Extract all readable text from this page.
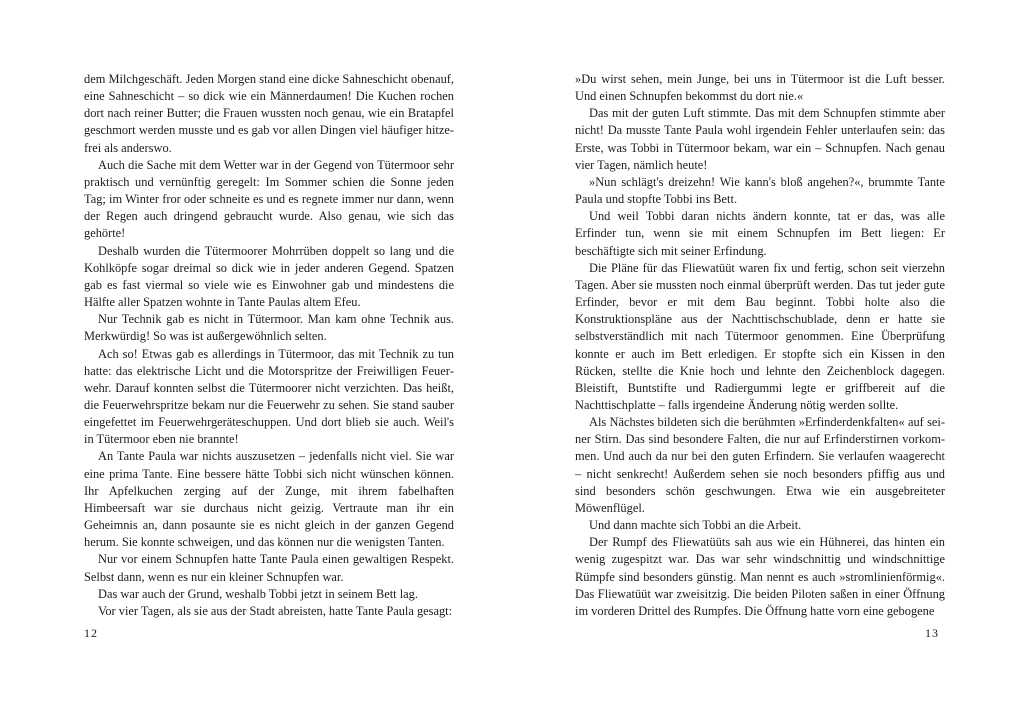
dem Milchgeschäft. Jeden Morgen stand eine dicke Sahneschicht obenauf, eine Sahneschicht – so dick wie ein Männerdaumen! Die Kuchen rochen dort nach reiner Butter; die Frauen wussten noch genau, wie ein Bratapfel geschmort werden musste und es gab vor allen Dingen viel häufiger hitzefrei als anderswo.

Auch die Sache mit dem Wetter war in der Gegend von Tütermoor sehr praktisch und vernünftig geregelt: Im Sommer schien die Sonne jeden Tag; im Winter fror oder schneite es und es regnete immer nur dann, wenn der Regen auch dringend gebraucht wurde. Also genau, wie sich das gehörte!

Deshalb wurden die Tütermoorer Mohrrüben doppelt so lang und die Kohlköpfe sogar dreimal so dick wie in jeder anderen Gegend. Spatzen gab es fast viermal so viele wie es Einwohner gab und mindestens die Hälfte aller Spatzen wohnte in Tante Paulas altem Efeu.

Nur Technik gab es nicht in Tütermoor. Man kam ohne Technik aus. Merkwürdig! So was ist außergewöhnlich selten.

Ach so! Etwas gab es allerdings in Tütermoor, das mit Technik zu tun hatte: das elektrische Licht und die Motorspritze der Freiwilligen Feuerwehr. Darauf konnten selbst die Tütermoorer nicht verzichten. Das heißt, die Feuerwehrspritze bekam nur die Feuerwehr zu sehen. Sie stand sauber eingefettet im Feuerwehrgeräteschuppen. Und dort blieb sie auch. Weil's in Tütermoor eben nie brannte!

An Tante Paula war nichts auszusetzen – jedenfalls nicht viel. Sie war eine prima Tante. Eine bessere hätte Tobbi sich nicht wünschen können. Ihr Apfelkuchen zerging auf der Zunge, mit ihrem fabelhaften Himbeersaft war sie durchaus nicht geizig. Vertraute man ihr ein Geheimnis an, dann posaunte sie es nicht gleich in der ganzen Gegend herum. Sie konnte schweigen, und das können nur die wenigsten Tanten.

Nur vor einem Schnupfen hatte Tante Paula einen gewaltigen Respekt. Selbst dann, wenn es nur ein kleiner Schnupfen war.

Das war auch der Grund, weshalb Tobbi jetzt in seinem Bett lag.

Vor vier Tagen, als sie aus der Stadt abreisten, hatte Tante Paula gesagt:

12

»Du wirst sehen, mein Junge, bei uns in Tütermoor ist die Luft besser. Und einen Schnupfen bekommst du dort nie.«

Das mit der guten Luft stimmte. Das mit dem Schnupfen stimmte aber nicht! Da musste Tante Paula wohl irgendein Fehler unterlaufen sein: das Erste, was Tobbi in Tütermoor bekam, war ein – Schnupfen. Nach genau vier Tagen, nämlich heute!

»Nun schlägt's dreizehn! Wie kann's bloß angehen?«, brummte Tante Paula und stopfte Tobbi ins Bett.

Und weil Tobbi daran nichts ändern konnte, tat er das, was alle Erfinder tun, wenn sie mit einem Schnupfen im Bett liegen: Er beschäftigte sich mit seiner Erfindung.

Die Pläne für das Fliewatüüt waren fix und fertig, schon seit vierzehn Tagen. Aber sie mussten noch einmal überprüft werden. Das tut jeder gute Erfinder, bevor er mit dem Bau beginnt. Tobbi holte also die Konstruktionspläne aus der Nachttischschublade, denn er hatte sie selbstverständlich mit nach Tütermoor genommen. Eine Überprüfung konnte er auch im Bett erledigen. Er stopfte sich ein Kissen in den Rücken, stellte die Knie hoch und lehnte den Zeichenblock dagegen. Bleistift, Buntstifte und Radiergummi legte er griffbereit auf die Nachttischplatte – falls irgendeine Änderung nötig werden sollte.

Als Nächstes bildeten sich die berühmten »Erfinderdenkfalten« auf seiner Stirn. Das sind besondere Falten, die nur auf Erfinderstirnen vorkommen. Und auch da nur bei den guten Erfindern. Sie verlaufen waagerecht – nicht senkrecht! Außerdem sehen sie noch besonders pfiffig aus und sind besonders schön geschwungen. Etwa wie ein ausgebreiteter Möwenflügel.

Und dann machte sich Tobbi an die Arbeit.

Der Rumpf des Fliewatüüts sah aus wie ein Hühnerei, das hinten ein wenig zugespitzt war. Das war sehr windschnittig und windschnittige Rümpfe sind besonders günstig. Man nennt es auch »stromlinienförmig«. Das Fliewatüüt war zweisitzig. Die beiden Piloten saßen in einer Öffnung im vorderen Drittel des Rumpfes. Die Öffnung hatte vorn eine gebogene

13
